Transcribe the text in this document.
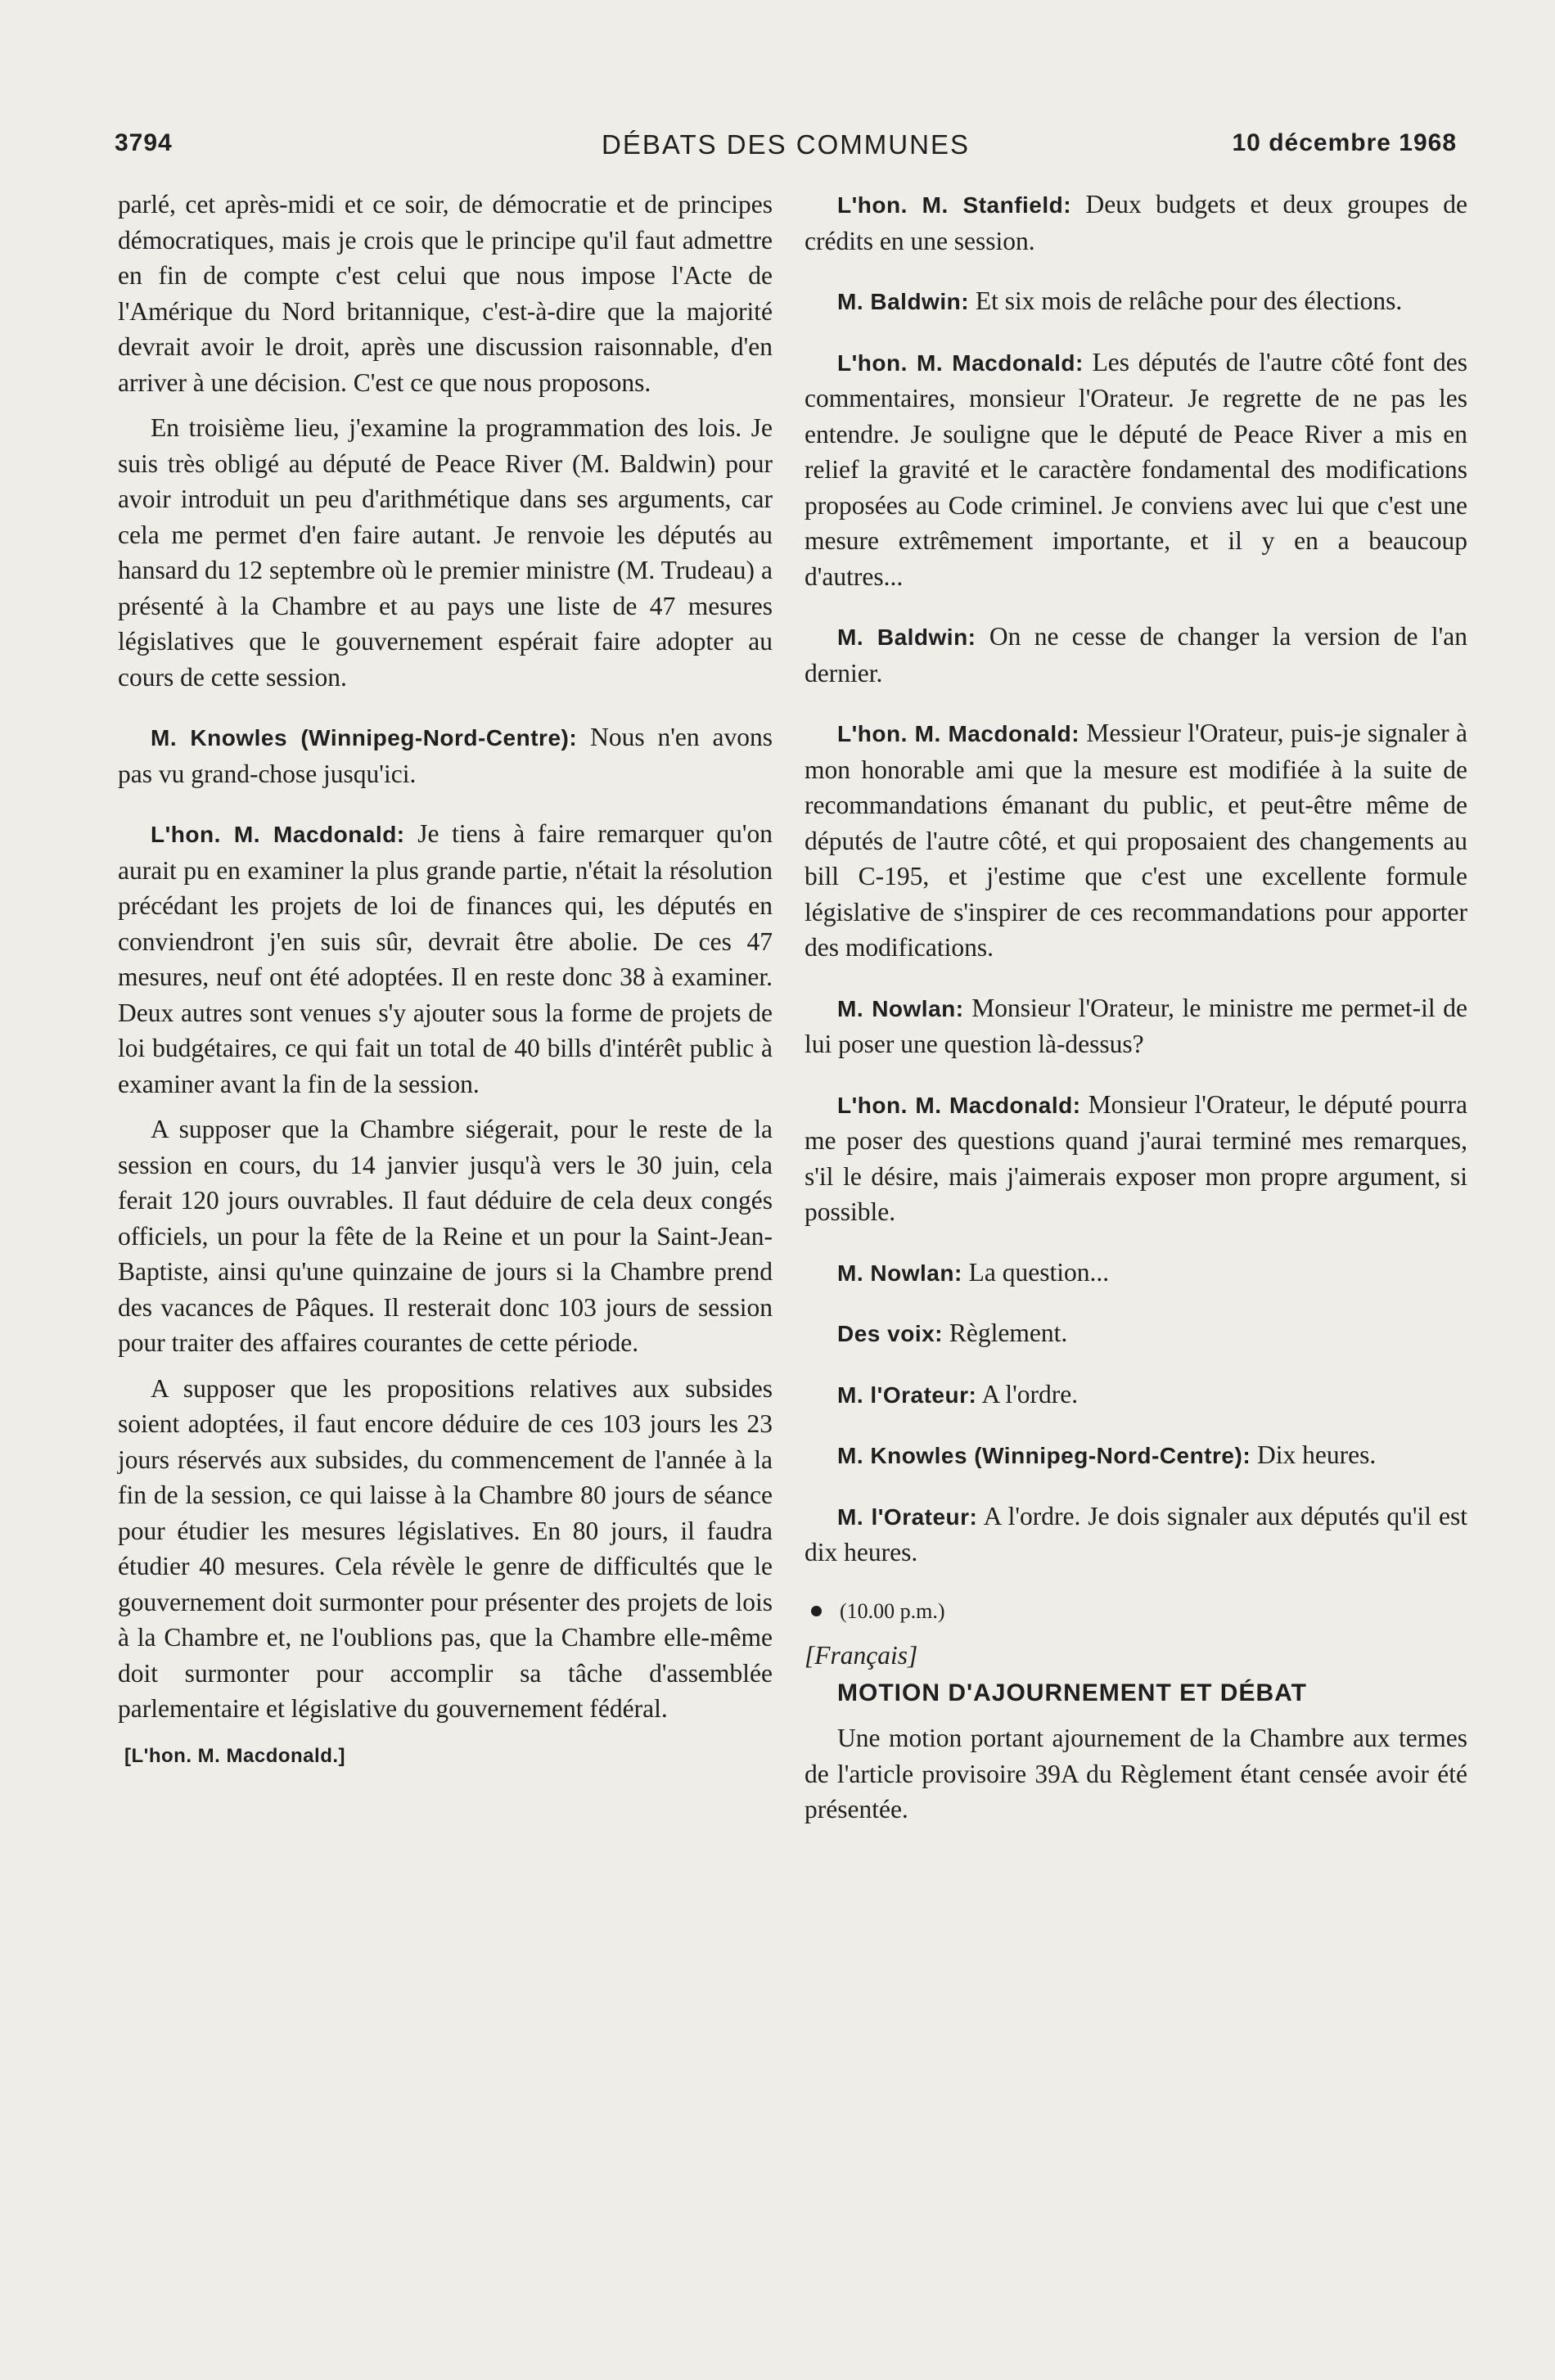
3794	DÉBATS DES COMMUNES	10 décembre 1968

parlé, cet après-midi et ce soir, de démocratie et de principes démocratiques, mais je crois que le principe qu'il faut admettre en fin de compte c'est celui que nous impose l'Acte de l'Amérique du Nord britannique, c'est-à-dire que la majorité devrait avoir le droit, après une discussion raisonnable, d'en arriver à une décision. C'est ce que nous proposons.

En troisième lieu, j'examine la programmation des lois. Je suis très obligé au député de Peace River (M. Baldwin) pour avoir introduit un peu d'arithmétique dans ses arguments, car cela me permet d'en faire autant. Je renvoie les députés au hansard du 12 septembre où le premier ministre (M. Trudeau) a présenté à la Chambre et au pays une liste de 47 mesures législatives que le gouvernement espérait faire adopter au cours de cette session.

M. Knowles (Winnipeg-Nord-Centre): Nous n'en avons pas vu grand-chose jusqu'ici.

L'hon. M. Macdonald: Je tiens à faire remarquer qu'on aurait pu en examiner la plus grande partie, n'était la résolution précédant les projets de loi de finances qui, les députés en conviendront j'en suis sûr, devrait être abolie. De ces 47 mesures, neuf ont été adoptées. Il en reste donc 38 à examiner. Deux autres sont venues s'y ajouter sous la forme de projets de loi budgétaires, ce qui fait un total de 40 bills d'intérêt public à examiner avant la fin de la session.

A supposer que la Chambre siégerait, pour le reste de la session en cours, du 14 janvier jusqu'à vers le 30 juin, cela ferait 120 jours ouvrables. Il faut déduire de cela deux congés officiels, un pour la fête de la Reine et un pour la Saint-Jean-Baptiste, ainsi qu'une quinzaine de jours si la Chambre prend des vacances de Pâques. Il resterait donc 103 jours de session pour traiter des affaires courantes de cette période.

A supposer que les propositions relatives aux subsides soient adoptées, il faut encore déduire de ces 103 jours les 23 jours réservés aux subsides, du commencement de l'année à la fin de la session, ce qui laisse à la Chambre 80 jours de séance pour étudier les mesures législatives. En 80 jours, il faudra étudier 40 mesures. Cela révèle le genre de difficultés que le gouvernement doit surmonter pour présenter des projets de lois à la Chambre et, ne l'oublions pas, que la Chambre elle-même doit surmonter pour accomplir sa tâche d'assemblée parlementaire et législative du gouvernement fédéral.

[L'hon. M. Macdonald.]

L'hon. M. Stanfield: Deux budgets et deux groupes de crédits en une session.

M. Baldwin: Et six mois de relâche pour des élections.

L'hon. M. Macdonald: Les députés de l'autre côté font des commentaires, monsieur l'Orateur. Je regrette de ne pas les entendre. Je souligne que le député de Peace River a mis en relief la gravité et le caractère fondamental des modifications proposées au Code criminel. Je conviens avec lui que c'est une mesure extrêmement importante, et il y en a beaucoup d'autres...

M. Baldwin: On ne cesse de changer la version de l'an dernier.

L'hon. M. Macdonald: Messieur l'Orateur, puis-je signaler à mon honorable ami que la mesure est modifiée à la suite de recommandations émanant du public, et peut-être même de députés de l'autre côté, et qui proposaient des changements au bill C-195, et j'estime que c'est une excellente formule législative de s'inspirer de ces recommandations pour apporter des modifications.

M. Nowlan: Monsieur l'Orateur, le ministre me permet-il de lui poser une question là-dessus?

L'hon. M. Macdonald: Monsieur l'Orateur, le député pourra me poser des questions quand j'aurai terminé mes remarques, s'il le désire, mais j'aimerais exposer mon propre argument, si possible.

M. Nowlan: La question...

Des voix: Règlement.

M. l'Orateur: A l'ordre.

M. Knowles (Winnipeg-Nord-Centre): Dix heures.

M. l'Orateur: A l'ordre. Je dois signaler aux députés qu'il est dix heures.

(10.00 p.m.)
[Français]
MOTION D'AJOURNEMENT ET DÉBAT

Une motion portant ajournement de la Chambre aux termes de l'article provisoire 39A du Règlement étant censée avoir été présentée.
